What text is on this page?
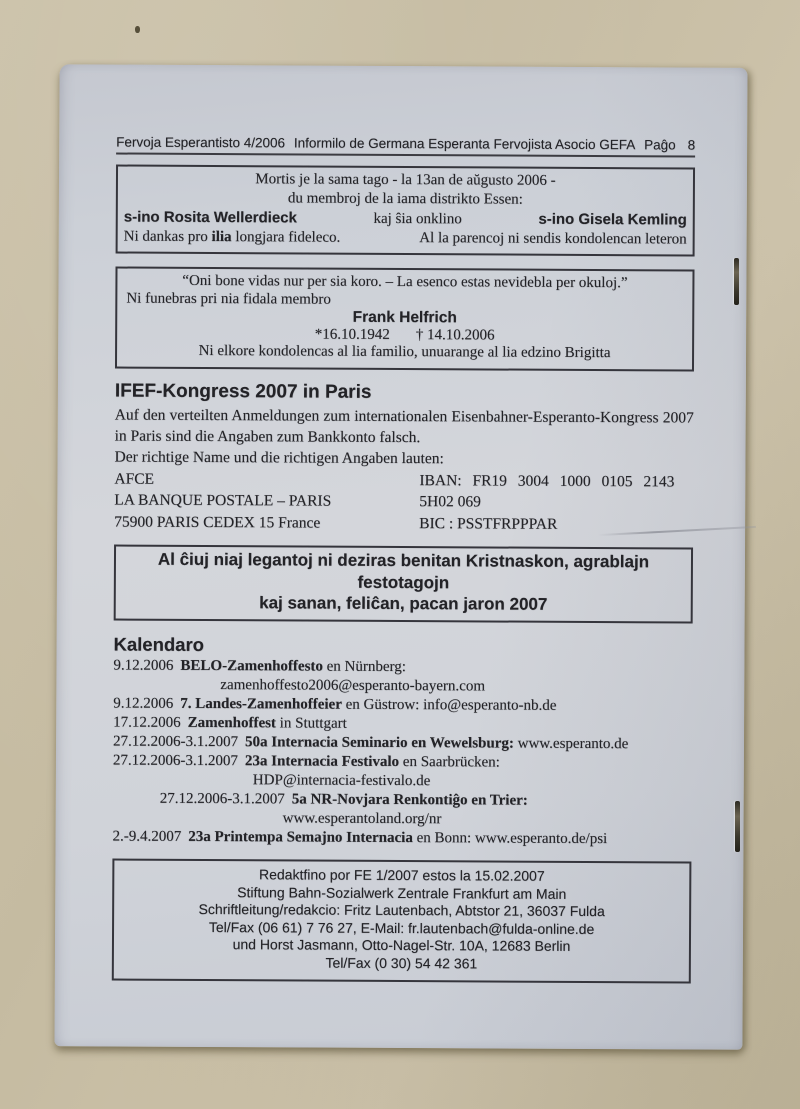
Fervoja Esperantisto 4/2006 Informilo de Germana Esperanta Fervojista Asocio GEFA Paĝo 8
Mortis je la sama tago - la 13an de aŭgusto 2006 -
du membroj de la iama distrikto Essen:
s-ino Rosita Wellerdieck	kaj ŝia onklino	s-ino Gisela Kemling
Ni dankas pro ilia longjara fideleco.	Al la parencoj ni sendis kondolencan leteron
“Oni bone vidas nur per sia koro. – La esenco estas nevidebla per okuloj.”
Ni funebras pri nia fidala membro
Frank Helfrich
*16.10.1942 † 14.10.2006
Ni elkore kondolencas al lia familio, unuarange al lia edzino Brigitta
IFEF-Kongress 2007 in Paris
Auf den verteilten Anmeldungen zum internationalen Eisenbahner-Esperanto-Kongress 2007 in Paris sind die Angaben zum Bankkonto falsch.
Der richtige Name und die richtigen Angaben lauten:
AFCE	IBAN: FR19 3004 1000 0105 2143
LA BANQUE POSTALE – PARIS	5H02 069
75900 PARIS CEDEX 15 France	BIC : PSSTFRPPPAR
Al ĉiuj niaj legantoj ni deziras benitan Kristnaskon, agrablajn festotagojn
kaj sanan, feliĉan, pacan jaron 2007
Kalendaro
9.12.2006 BELO-Zamenhoffesto en Nürnberg:
zamenhoffesto2006@esperanto-bayern.com
9.12.2006 7. Landes-Zamenhoffeier en Güstrow: info@esperanto-nb.de
17.12.2006 Zamenhoffest in Stuttgart
27.12.2006-3.1.2007 50a Internacia Seminario en Wewelsburg: www.esperanto.de
27.12.2006-3.1.2007 23a Internacia Festivalo en Saarbrücken:
HDP@internacia-festivalo.de
27.12.2006-3.1.2007 5a NR-Novjara Renkontiĝo en Trier:
www.esperantoland.org/nr
2.-9.4.2007 23a Printempa Semajno Internacia en Bonn: www.esperanto.de/psi
Redaktfino por FE 1/2007 estos la 15.02.2007
Stiftung Bahn-Sozialwerk Zentrale Frankfurt am Main
Schriftleitung/redakcio: Fritz Lautenbach, Abtstor 21, 36037 Fulda
Tel/Fax (06 61) 7 76 27, E-Mail: fr.lautenbach@fulda-online.de
und Horst Jasmann, Otto-Nagel-Str. 10A, 12683 Berlin
Tel/Fax (0 30) 54 42 361
